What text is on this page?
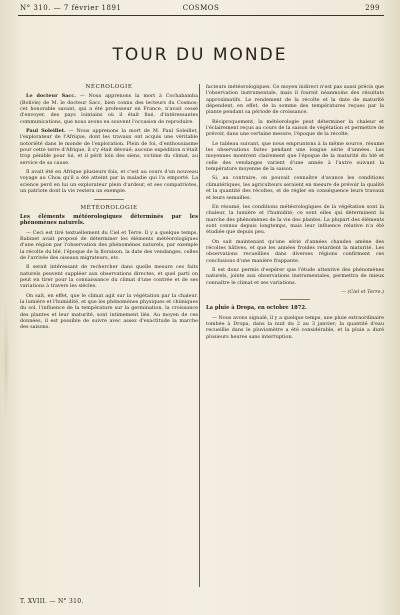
N° 310. — 7 février 1891	COSMOS	299
TOUR DU MONDE

NÉCROLOGIE

Le docteur Sacc. — Nous apprenons la mort à Cochabamba (Bolivie) de M. le docteur Sacc, bien connu des lecteurs du Cosmos; cet honorable savant, qui a été professeur en France, n'avait cessé d'envoyer, des pays lointains où il était fixé, d'intéressantes communications, que nous avons eu souvent l'occasion de reproduire.

Paul Soleillet. — Nous apprenons la mort de M. Paul Soleillet, l'explorateur de l'Afrique, dont les travaux ont acquis une véritable notoriété dans le monde de l'exploration. Plein de foi, d'enthousiasme pour cette terre d'Afrique, il s'y était dévoué; aucune expédition n'était trop pénible pour lui, et il périt loin des siens, victime du climat, au service de sa cause.

Il avait été en Afrique plusieurs fois, et c'est au cours d'un nouveau voyage au Choa qu'il a été atteint par la maladie qui l'a emporté. La science perd en lui un explorateur plein d'ardeur, et ses compatriotes, un patriote dont la vie restera un exemple.

MÉTÉOROLOGIE

Les éléments météorologiques déterminés par les phénomènes naturels.

— Ceci est tiré textuellement du Ciel et Terre. Il y a quelque temps, Babinet avait proposé de déterminer les éléments météorologiques d'une région par l'observation des phénomènes naturels, par exemple la récolte du blé, l'époque de la floraison, la date des vendanges, celles de l'arrivée des oiseaux migrateurs, etc.

Il serait intéressant de rechercher dans quelle mesure ces faits naturels peuvent suppléer aux observations directes, et quel parti on peut en tirer pour la connaissance du climat d'une contrée et de ses variations à travers les siècles.

On sait, en effet, que le climat agit sur la végétation par la chaleur, la lumière et l'humidité, et que les phénomènes physiques et chimiques du sol, l'influence de la température sur la germination, la croissance des plantes et leur maturité, sont intimement liés. Au moyen de ces données, il est possible de suivre avec assez d'exactitude la marche des saisons.

facteurs météorologiques. Ce moyen indirect n'est pas aussi précis que l'observation instrumentale, mais il fournit néanmoins des résultats approximatifs. Le rendement de la récolte et la date de maturité dépendent, en effet, de la somme des températures reçues par la plante pendant sa période de croissance.

Réciproquement, la météorologie peut déterminer la chaleur et l'éclairement reçus au cours de la saison de végétation et permettre de prévoir, dans une certaine mesure, l'époque de la récolte.

Le tableau suivant, que nous empruntons à la même source, résume les observations faites pendant une longue série d'années. Les moyennes montrent clairement que l'époque de la maturité du blé et celle des vendanges varient d'une année à l'autre suivant la température moyenne de la saison.

Si, au contraire, on pouvait connaître d'avance les conditions climatériques, les agriculteurs seraient en mesure de prévoir la qualité et la quantité des récoltes, et de régler en conséquence leurs travaux et leurs semailles.

En résumé, les conditions météorologiques de la végétation sont la chaleur, la lumière et l'humidité; ce sont elles qui déterminent la marche des phénomènes de la vie des plantes. La plupart des éléments sont connus depuis longtemps, mais leur influence relative n'a été étudiée que depuis peu.

On sait maintenant qu'une série d'années chaudes amène des récoltes hâtives, et que les années froides retardent la maturité. Les observations recueillies dans diverses régions confirment ces conclusions d'une manière frappante.

Il est donc permis d'espérer que l'étude attentive des phénomènes naturels, jointe aux observations instrumentales, permettra de mieux connaître le climat et ses variations.

— (Ciel et Terre.)

La pluie à Dropa, en octobre 1872.

— Nous avons signalé, il y a quelque temps, une pluie extraordinaire tombée à Dropa, dans la nuit du 2 au 3 janvier; la quantité d'eau recueillie dans le pluviomètre a été considérable, et la pluie a duré plusieurs heures sans interruption.

T. XVIII. — N° 310.
